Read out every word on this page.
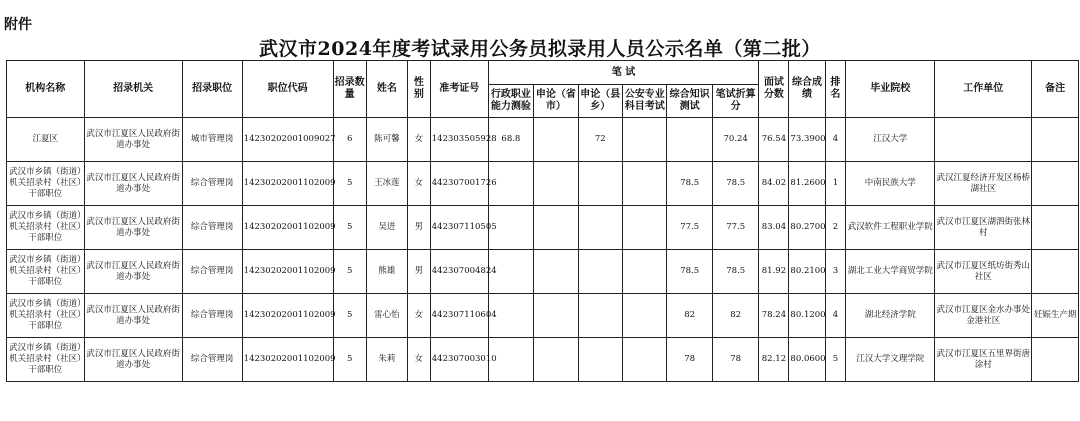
附件
武汉市2024年度考试录用公务员拟录用人员公示名单（第二批）
机构名称	招录机关	招录职位	职位代码	招录数量	姓名	性别	准考证号	笔 试						面试分数	综合成绩	排名	毕业院校	工作单位	备注
								行政职业能力测验	申论（省市）	申论（县乡）	公安专业科目考试	综合知识测试	笔试折算分						
江夏区	武汉市江夏区人民政府街道办事处	城市管理岗	14230202001009027	6	陈可馨	女	142303505928	68.8		72			70.24	76.54	73.3900	4	江汉大学		
武汉市乡镇（街道）机关招录村（社区）干部职位	武汉市江夏区人民政府街道办事处	综合管理岗	14230202001102009	5	王冰莲	女	442307001726					78.5	78.5	84.02	81.2600	1	中南民族大学	武汉江夏经济开发区杨桥湖社区	
武汉市乡镇（街道）机关招录村（社区）干部职位	武汉市江夏区人民政府街道办事处	综合管理岗	14230202001102009	5	吴进	男	442307110505					77.5	77.5	83.04	80.2700	2	武汉软件工程职业学院	武汉市江夏区湖泗街张林村	
武汉市乡镇（街道）机关招录村（社区）干部职位	武汉市江夏区人民政府街道办事处	综合管理岗	14230202001102009	5	熊雄	男	442307004824					78.5	78.5	81.92	80.2100	3	湖北工业大学商贸学院	武汉市江夏区纸坊街秀山社区	
武汉市乡镇（街道）机关招录村（社区）干部职位	武汉市江夏区人民政府街道办事处	综合管理岗	14230202001102009	5	雷心怡	女	442307110604					82	82	78.24	80.1200	4	湖北经济学院	武汉市江夏区金水办事处金港社区	妊娠生产期
武汉市乡镇（街道）机关招录村（社区）干部职位	武汉市江夏区人民政府街道办事处	综合管理岗	14230202001102009	5	朱莉	女	442307003010					78	78	82.12	80.0600	5	江汉大学文理学院	武汉市江夏区五里界街唐涂村	
